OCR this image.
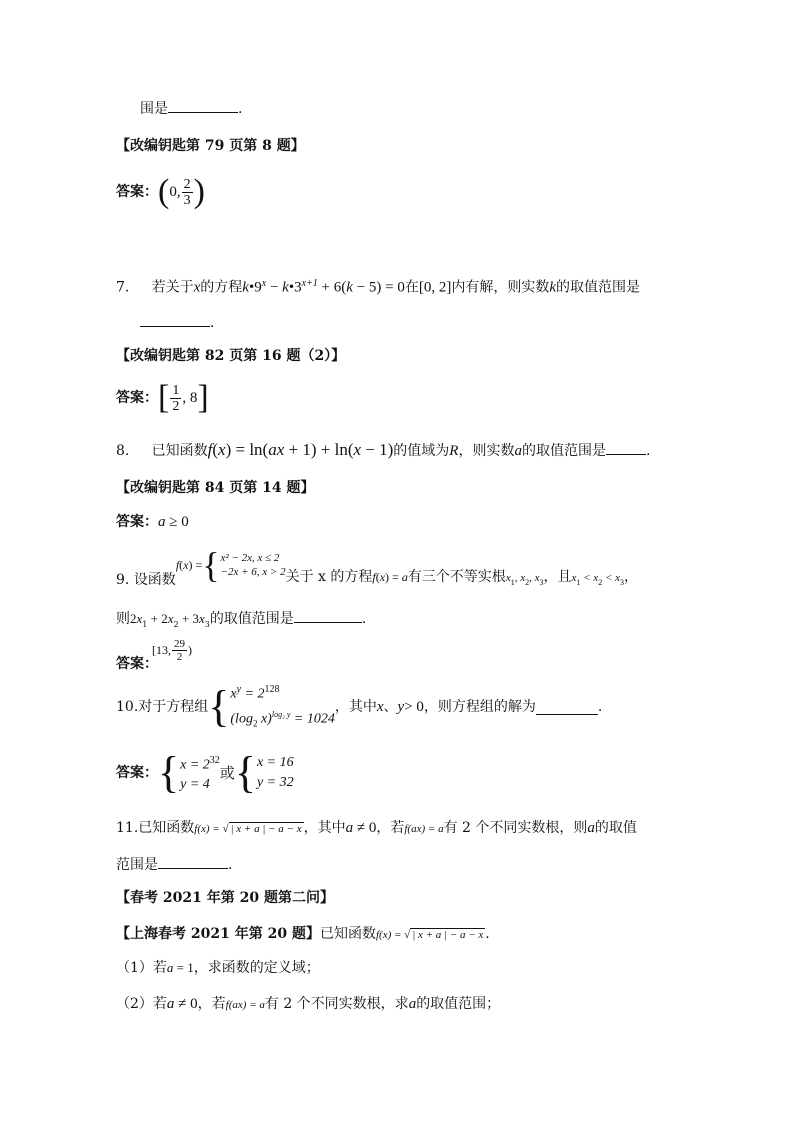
围是	.
【改编钥匙第 79 页第 8 题】
答案： ( 0, $\frac{2}{3}$ )
7. 若关于x的方程$k•9^x$ − $k•3^{x+1} + 6(k - 5) = 0$在[0, 2]内有解，则实数k的取值范围是
.
【改编钥匙第 82 页第 16 题（2）】
答案： [ $\frac{1}{2}$ , 8 ]
8. 已知函数f(x) = ln(ax + 1) + ln(x − 1)的值域为R，则实数a的取值范围是	.
【改编钥匙第 84 页第 14 题】
答案：a ≥ 0
9.
设函数
f ( x ) = { x² − 2x, x ≤ 2
−2x + 6, x > 2 关于 x 的方程f(x) = a有三个不等实根$x_1$, $x_2$, $x_3$，且$x_1 < x_2 < x_3$，
则$2x_1 + 2x_2 + 3x_3$的取值范围是	.
答案：
[13, $\frac{29}{2}$ )
10. 对于方程组 { $x^y = 2^{128}$
($\log_2$ x)$^{log_2 y}$ = 1024
，其中 x 、 y > 0 ，则方程组的解为	.
答案： { $x = 2^{32}$
y = 4
或 { x = 16
y = 32
11.已知函数f(x) = √ | x + a | − a − x ，其中a ≠ 0，若f(ax) = a有 2 个不同实数根，则a的取值
范围是	.
【春考 2021 年第 20 题第二问】
【上海春考 2021 年第 20 题】已知函数f(x) = √ | x + a | − a − x .
（1）若a = 1，求函数的定义域；
（2）若a ≠ 0，若f(ax) = a有 2 个不同实数根，求a的取值范围；
